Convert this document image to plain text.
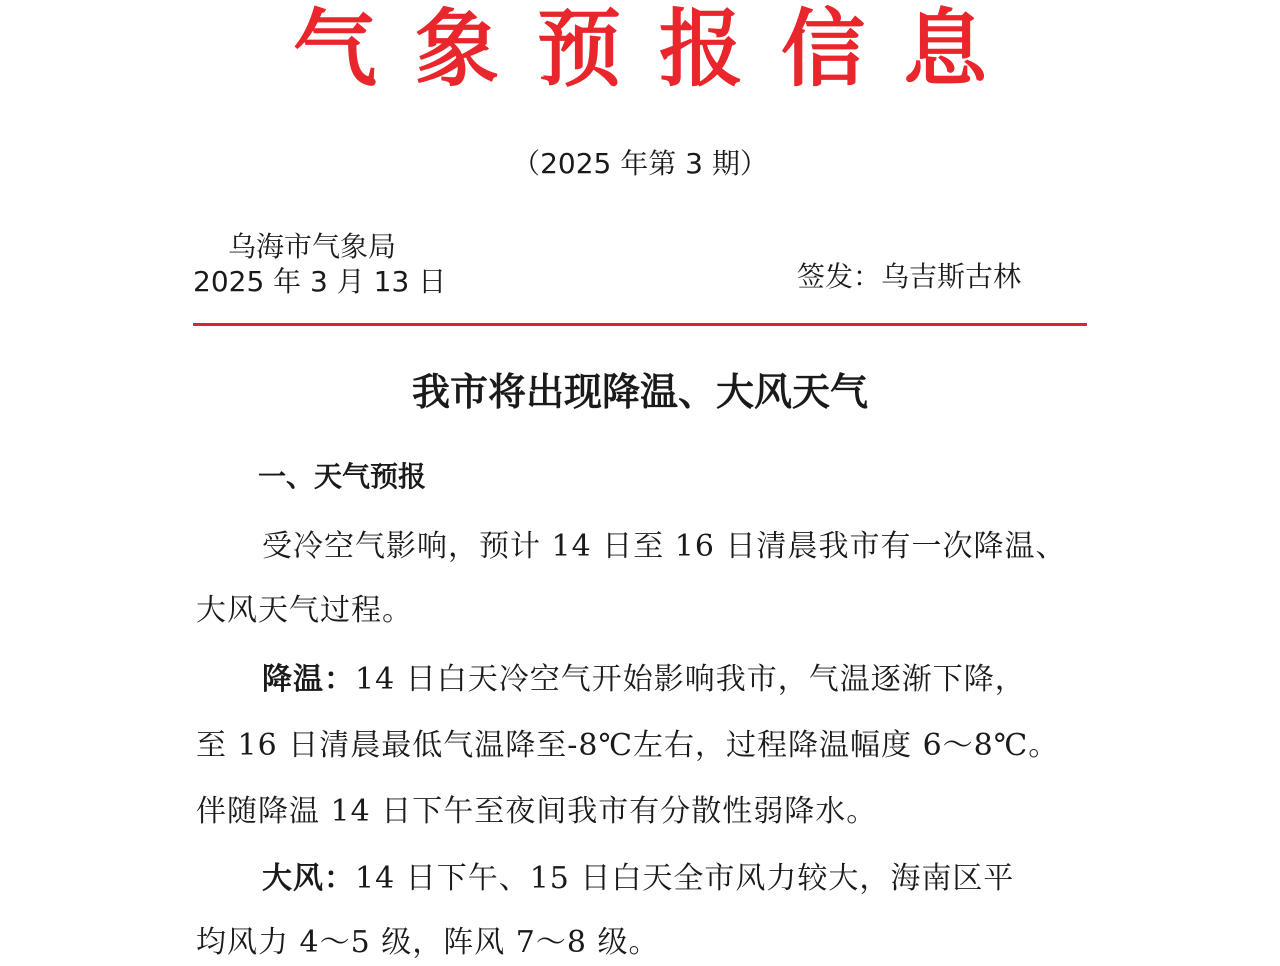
气象预报信息
（2025 年第 3 期）
乌海市气象局
2025 年 3 月 13 日	签发：乌吉斯古林
我市将出现降温、大风天气
一、天气预报
受冷空气影响，预计 14 日至 16 日清晨我市有一次降温、
大风天气过程。
降温：14 日白天冷空气开始影响我市，气温逐渐下降，
至 16 日清晨最低气温降至-8℃左右，过程降温幅度 6～8℃。
伴随降温 14 日下午至夜间我市有分散性弱降水。
大风：14 日下午、15 日白天全市风力较大，海南区平
均风力 4～5 级，阵风 7～8 级。
